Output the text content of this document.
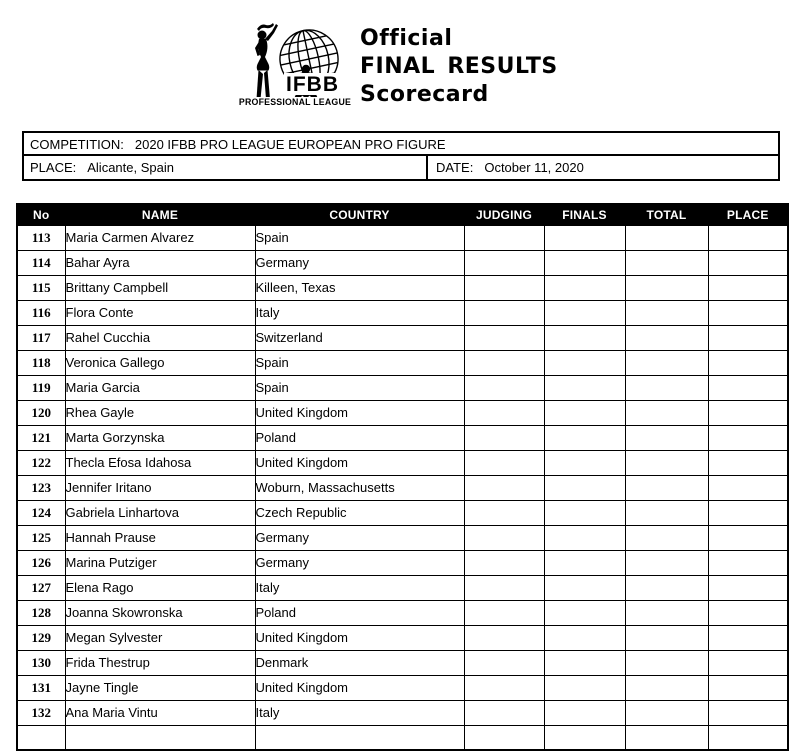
IFBB
PROFESSIONAL LEAGUE
Official
FINAL RESULTS
Scorecard
COMPETITION: 2020 IFBB PRO LEAGUE EUROPEAN PRO FIGURE
PLACE: Alicante, Spain	DATE: October 11, 2020
No	NAME	COUNTRY	JUDGING	FINALS	TOTAL	PLACE
113	Maria Carmen Alvarez	Spain				
114	Bahar Ayra	Germany				
115	Brittany Campbell	Killeen, Texas				
116	Flora Conte	Italy				
117	Rahel Cucchia	Switzerland				
118	Veronica Gallego	Spain				
119	Maria Garcia	Spain				
120	Rhea Gayle	United Kingdom				
121	Marta Gorzynska	Poland				
122	Thecla Efosa Idahosa	United Kingdom				
123	Jennifer Iritano	Woburn, Massachusetts				
124	Gabriela Linhartova	Czech Republic				
125	Hannah Prause	Germany				
126	Marina Putziger	Germany				
127	Elena Rago	Italy				
128	Joanna Skowronska	Poland				
129	Megan Sylvester	United Kingdom				
130	Frida Thestrup	Denmark				
131	Jayne Tingle	United Kingdom				
132	Ana Maria Vintu	Italy				
